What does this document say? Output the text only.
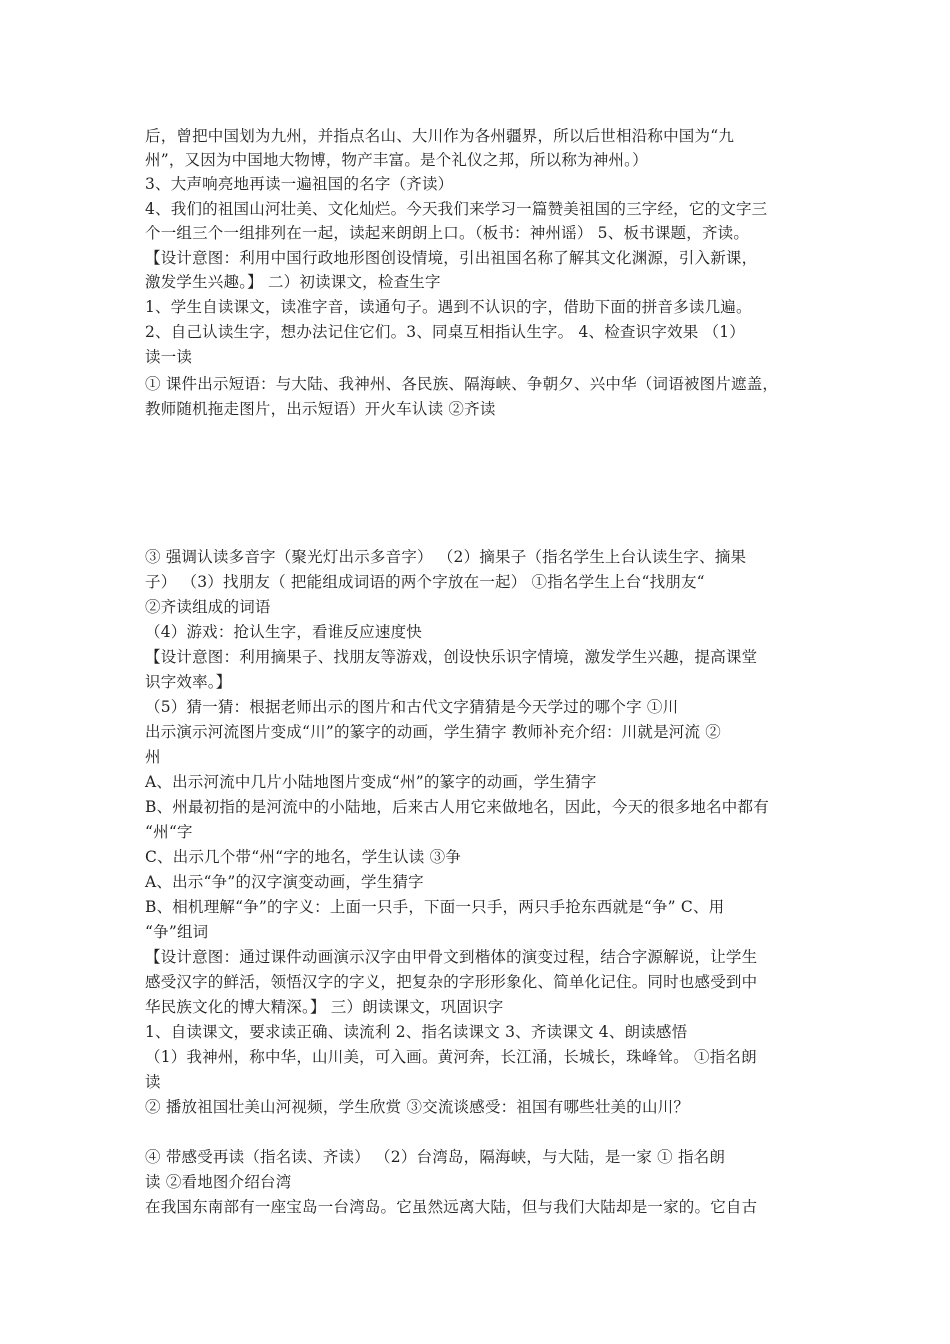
后，曾把中国划为九州，并指点名山、大川作为各州疆界，所以后世相沿称中国为“九
州”，又因为中国地大物博，物产丰富。是个礼仪之邦，所以称为神州。）
3、大声响亮地再读一遍祖国的名字（齐读）
4、我们的祖国山河壮美、文化灿烂。今天我们来学习一篇赞美祖国的三字经，它的文字三
个一组三个一组排列在一起，读起来朗朗上口。（板书：神州谣） 5、板书课题，齐读。
【设计意图：利用中国行政地形图创设情境，引出祖国名称了解其文化渊源，引入新课，
激发学生兴趣。】 二）初读课文，检查生字
1、学生自读课文，读准字音，读通句子。遇到不认识的字，借助下面的拼音多读几遍。
2、自己认读生字，想办法记住它们。3、同桌互相指认生字。 4、检查识字效果 （1）
读一读
① 课件出示短语：与大陆、我神州、各民族、隔海峡、争朝夕、兴中华（词语被图片遮盖，
教师随机拖走图片，出示短语）开火车认读 ②齐读
③ 强调认读多音字（聚光灯出示多音字） （2）摘果子（指名学生上台认读生字、摘果
子） （3）找朋友（ 把能组成词语的两个字放在一起） ①指名学生上台“找朋友“
②齐读组成的词语
（4）游戏：抢认生字，看谁反应速度快
【设计意图：利用摘果子、找朋友等游戏，创设快乐识字情境，激发学生兴趣，提高课堂
识字效率。】
（5）猜一猜：根据老师出示的图片和古代文字猜猜是今天学过的哪个字 ①川
出示演示河流图片变成“川”的篆字的动画，学生猜字 教师补充介绍：川就是河流 ②
州
A、出示河流中几片小陆地图片变成“州”的篆字的动画，学生猜字
B、州最初指的是河流中的小陆地，后来古人用它来做地名，因此，今天的很多地名中都有
“州“字
C、出示几个带“州“字的地名，学生认读 ③争
A、出示“争”的汉字演变动画，学生猜字
B、相机理解“争”的字义：上面一只手，下面一只手，两只手抢东西就是“争” C、用
“争”组词
【设计意图：通过课件动画演示汉字由甲骨文到楷体的演变过程，结合字源解说，让学生
感受汉字的鲜活，领悟汉字的字义，把复杂的字形形象化、简单化记住。同时也感受到中
华民族文化的博大精深。】 三）朗读课文，巩固识字
1、自读课文，要求读正确、读流利 2、指名读课文 3、齐读课文 4、朗读感悟
（1）我神州，称中华，山川美，可入画。黄河奔，长江涌，长城长，珠峰耸。 ①指名朗
读
② 播放祖国壮美山河视频，学生欣赏 ③交流谈感受：祖国有哪些壮美的山川？
④ 带感受再读（指名读、齐读） （2）台湾岛，隔海峡，与大陆，是一家 ① 指名朗
读 ②看地图介绍台湾
在我国东南部有一座宝岛一台湾岛。它虽然远离大陆，但与我们大陆却是一家的。它自古
